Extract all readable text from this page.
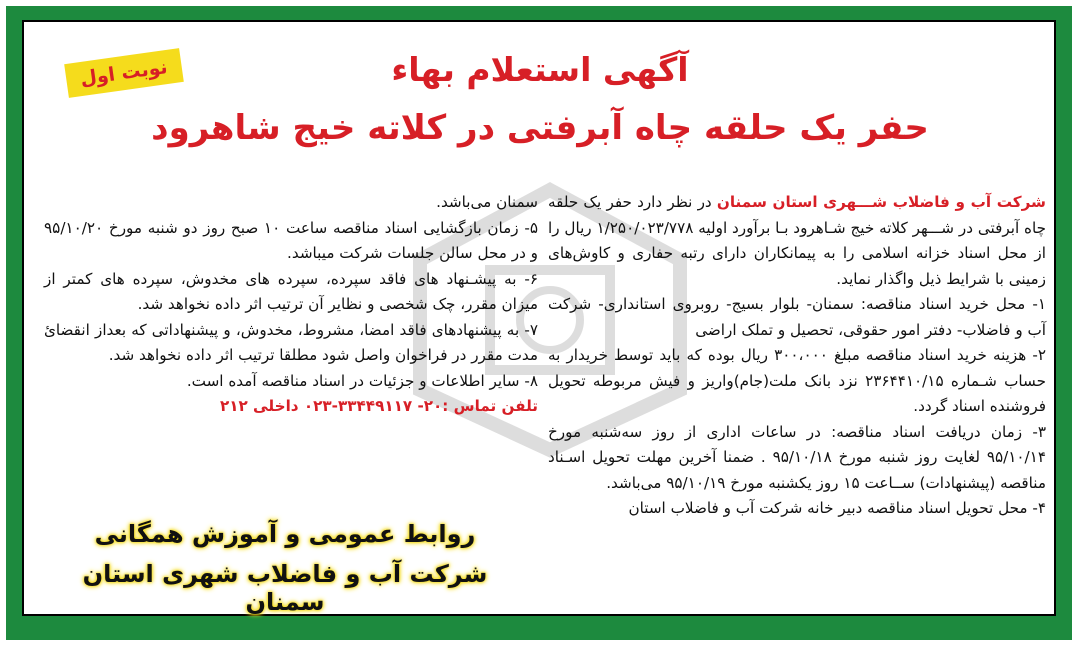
نوبت اول	آگهی استعلام بهاء
حفر یک حلقه چاه آبرفتی در کلاته خیج شاهرود

شرکت آب و فاضلاب شـــهری استان سمنان در نظر دارد حفر یک حلقه چاه آبرفتی در شـــهر کلاته خیج شـاهرود بـا برآورد اولیه ۱/۲۵۰/۰۲۳/۷۷۸ ریال را از محل اسناد خزانه اسلامی را به پیمانکاران دارای رتبه حفاری و کاوش‌های زمینی با شرایط ذیل واگذار نماید.

۱- محل خرید اسناد مناقصه: سمنان- بلوار بسیج- روبروی استانداری- شرکت آب و فاضلاب- دفتر امور حقوقی، تحصیل و تملک اراضی

۲- هزینه خرید اسناد مناقصه مبلغ ۳۰۰،۰۰۰ ریال بوده که باید توسط خریدار به حساب شـماره ۲۳۶۴۴۱۰/۱۵ نزد بانک ملت(جام)واریز و فیش مربوطه تحویل فروشنده اسناد گردد.

۳- زمان دریافت اسناد مناقصه: در ساعات اداری از روز سه‌شنبه مورخ ۹۵/۱۰/۱۴ لغایت روز شنبه مورخ ۹۵/۱۰/۱۸ . ضمنا آخرین مهلت تحویل اسـناد مناقصه (پیشنهادات) ســاعت ۱۵ روز یکشنبه مورخ ۹۵/۱۰/۱۹ می‌باشد.

۴- محل تحویل اسناد مناقصه دبیر خانه شرکت آب و فاضلاب استان

سمنان می‌باشد.

۵- زمان بازگشایی اسناد مناقصه ساعت ۱۰ صبح روز دو شنبه مورخ ۹۵/۱۰/۲۰ و در محل سالن جلسات شرکت میباشد.

۶- به پیشـنهاد های فاقد سپرده، سپرده های مخدوش، سپرده های کمتر از میزان مقرر، چک شخصی و نظایر آن ترتیب اثر داده نخواهد شد.

۷- به پیشنهادهای فاقد امضا، مشروط، مخدوش، و پیشنهاداتی که بعداز انقضائ مدت مقرر در فراخوان واصل شود مطلقا ترتیب اثر داده نخواهد شد.

۸- سایر اطلاعات و جزئیات در اسناد مناقصه آمده است.

تلفن تماس :۲۰- ۳۳۴۴۹۱۱۷-۰۲۳ داخلی ۲۱۲

روابط عمومی و آموزش همگانی
شرکت آب و فاضلاب شهری استان سمنان
